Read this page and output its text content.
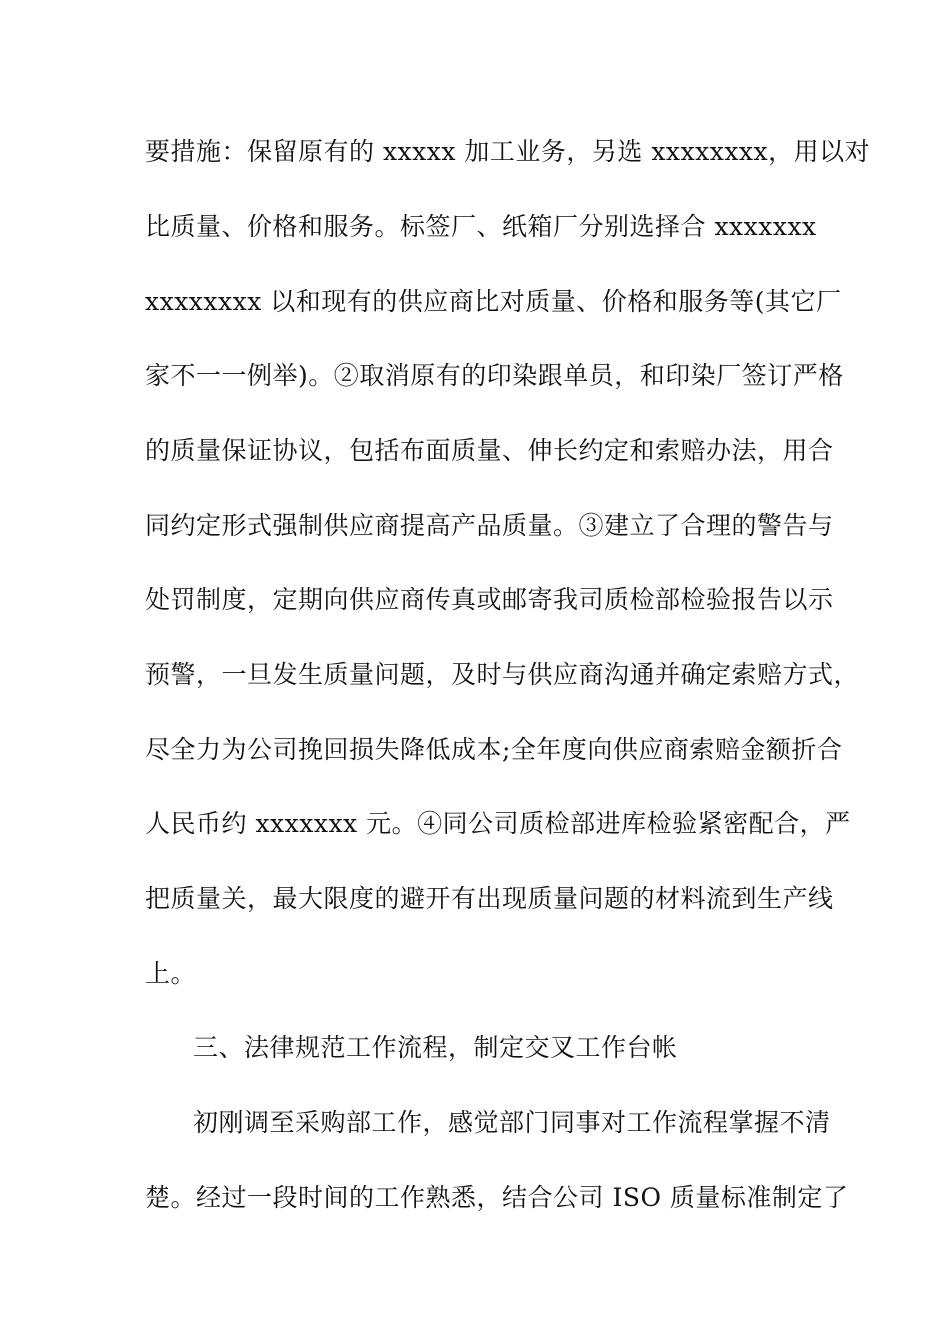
要措施：保留原有的 xxxxx 加工业务，另选 xxxxxxxx，用以对
比质量、价格和服务。标签厂、纸箱厂分别选择合 xxxxxxx
xxxxxxxx 以和现有的供应商比对质量、价格和服务等(其它厂
家不一一例举)。②取消原有的印染跟单员，和印染厂签订严格
的质量保证协议，包括布面质量、伸长约定和索赔办法，用合
同约定形式强制供应商提高产品质量。③建立了合理的警告与
处罚制度，定期向供应商传真或邮寄我司质检部检验报告以示
预警，一旦发生质量问题，及时与供应商沟通并确定索赔方式，
尽全力为公司挽回损失降低成本;全年度向供应商索赔金额折合
人民币约 xxxxxxx 元。④同公司质检部进库检验紧密配合，严
把质量关，最大限度的避开有出现质量问题的材料流到生产线
上。
三、法律规范工作流程，制定交叉工作台帐
初刚调至采购部工作，感觉部门同事对工作流程掌握不清
楚。经过一段时间的工作熟悉，结合公司 ISO 质量标准制定了
